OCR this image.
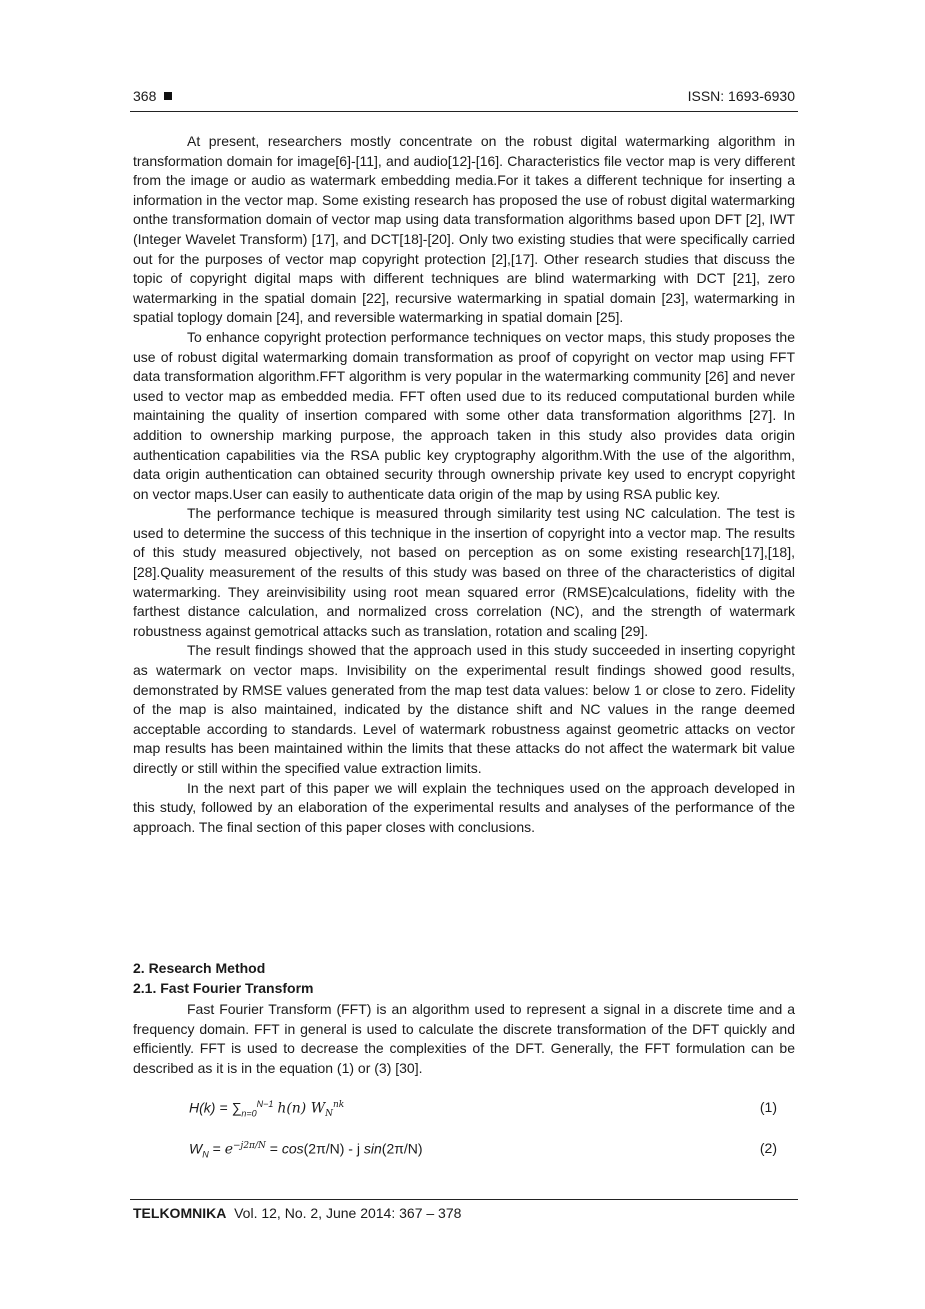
368	ISSN: 1693-6930

At present, researchers mostly concentrate on the robust digital watermarking algorithm in transformation domain for image[6]-[11], and audio[12]-[16]. Characteristics file vector map is very different from the image or audio as watermark embedding media.For it takes a different technique for inserting a information in the vector map. Some existing research has proposed the use of robust digital watermarking onthe transformation domain of vector map using data transformation algorithms based upon DFT [2], IWT (Integer Wavelet Transform) [17], and DCT[18]-[20]. Only two existing studies that were specifically carried out for the purposes of vector map copyright protection [2],[17]. Other research studies that discuss the topic of copyright digital maps with different techniques are blind watermarking with DCT [21], zero watermarking in the spatial domain [22], recursive watermarking in spatial domain [23], watermarking in spatial toplogy domain [24], and reversible watermarking in spatial domain [25].

To enhance copyright protection performance techniques on vector maps, this study proposes the use of robust digital watermarking domain transformation as proof of copyright on vector map using FFT data transformation algorithm.FFT algorithm is very popular in the watermarking community [26] and never used to vector map as embedded media. FFT often used due to its reduced computational burden while maintaining the quality of insertion compared with some other data transformation algorithms [27]. In addition to ownership marking purpose, the approach taken in this study also provides data origin authentication capabilities via the RSA public key cryptography algorithm.With the use of the algorithm, data origin authentication can obtained security through ownership private key used to encrypt copyright on vector maps.User can easily to authenticate data origin of the map by using RSA public key.

The performance techique is measured through similarity test using NC calculation. The test is used to determine the success of this technique in the insertion of copyright into a vector map. The results of this study measured objectively, not based on perception as on some existing research[17],[18],[28].Quality measurement of the results of this study was based on three of the characteristics of digital watermarking. They areinvisibility using root mean squared error (RMSE)calculations, fidelity with the farthest distance calculation, and normalized cross correlation (NC), and the strength of watermark robustness against gemotrical attacks such as translation, rotation and scaling [29].

The result findings showed that the approach used in this study succeeded in inserting copyright as watermark on vector maps. Invisibility on the experimental result findings showed good results, demonstrated by RMSE values generated from the map test data values: below 1 or close to zero. Fidelity of the map is also maintained, indicated by the distance shift and NC values in the range deemed acceptable according to standards. Level of watermark robustness against geometric attacks on vector map results has been maintained within the limits that these attacks do not affect the watermark bit value directly or still within the specified value extraction limits.

In the next part of this paper we will explain the techniques used on the approach developed in this study, followed by an elaboration of the experimental results and analyses of the performance of the approach. The final section of this paper closes with conclusions.

2. Research Method
2.1. Fast Fourier Transform

Fast Fourier Transform (FFT) is an algorithm used to represent a signal in a discrete time and a frequency domain. FFT in general is used to calculate the discrete transformation of the DFT quickly and efficiently. FFT is used to decrease the complexities of the DFT. Generally, the FFT formulation can be described as it is in the equation (1) or (3) [30].

$H(k) = \sum_{n=0}^{N-1}$ h(n) $W_N^{nk}$	(1)
$W_N = e^{-j2\pi/N} = \cos(2\pi/N) - j$ sin(2π/N)	(2)
TELKOMNIKA Vol. 12, No. 2, June 2014: 367 – 378
